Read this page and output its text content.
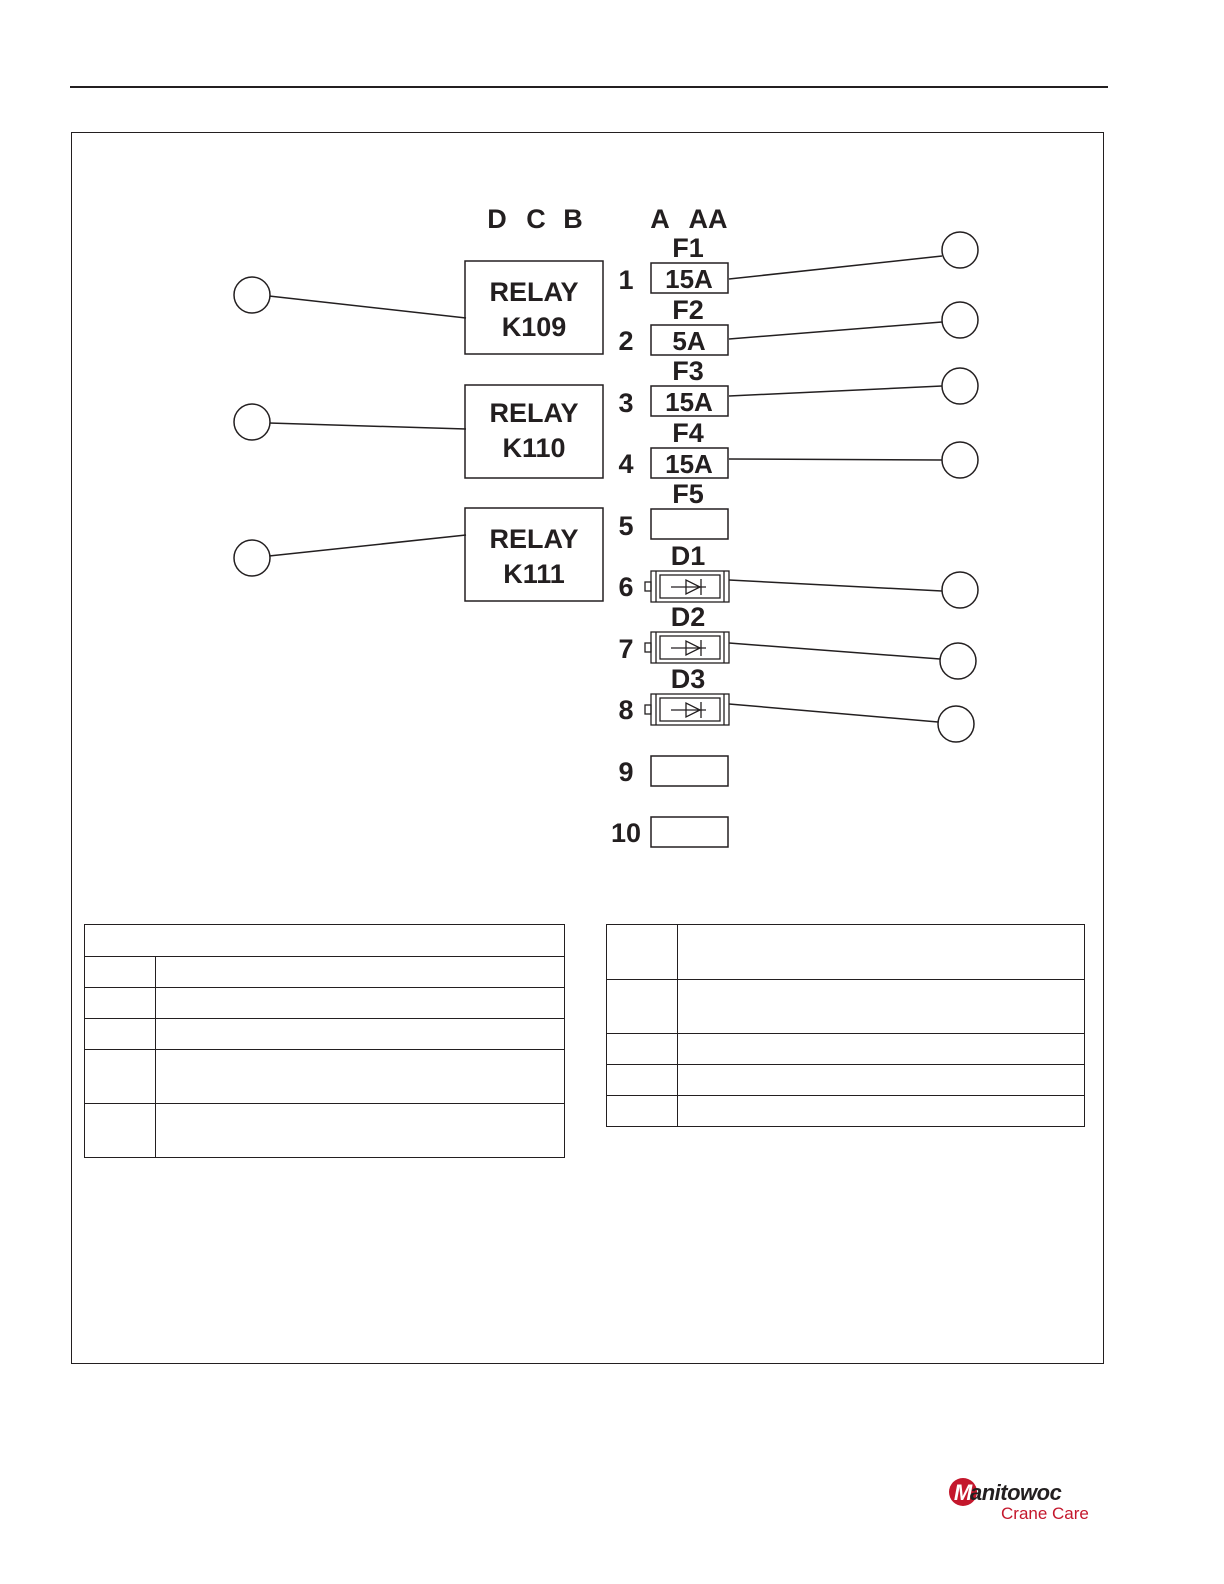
D C B	A AA
RELAY
K109
RELAY
K110
RELAY
K111
1
2
3
4
5
6
7
8
9
10
F1
F2
F3
F4
F5
D1
D2
D3
15A
5A
15A
15A

M
anitowoc
Crane Care
